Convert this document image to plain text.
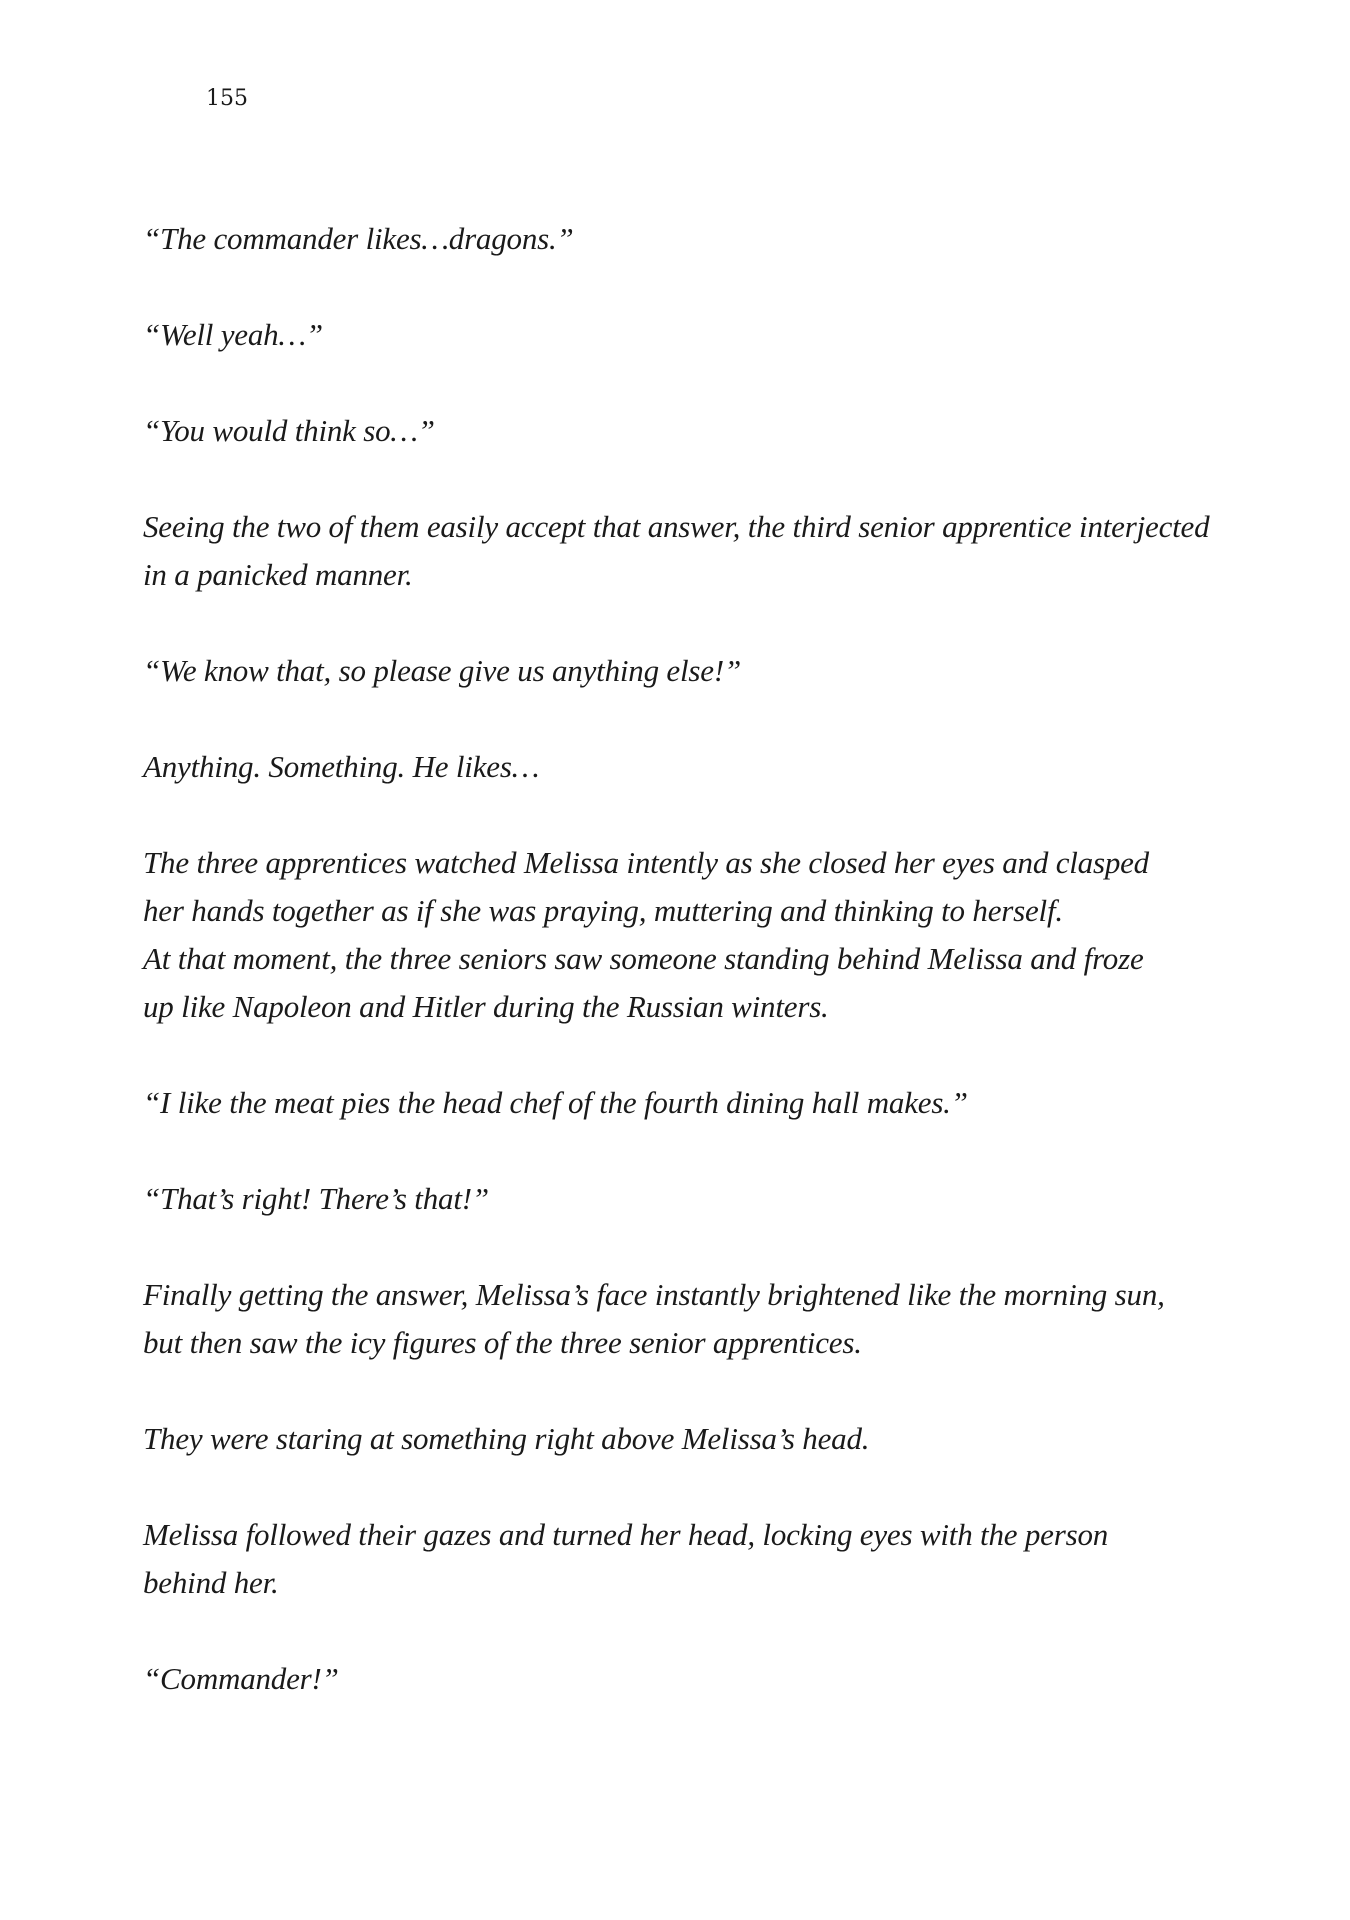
155

“The commander likes…dragons.”

“Well yeah…”

“You would think so…”

Seeing the two of them easily accept that answer, the third senior apprentice interjected
in a panicked manner.

“We know that, so please give us anything else!”

Anything. Something. He likes…

The three apprentices watched Melissa intently as she closed her eyes and clasped
her hands together as if she was praying, muttering and thinking to herself.
At that moment, the three seniors saw someone standing behind Melissa and froze
up like Napoleon and Hitler during the Russian winters.

“I like the meat pies the head chef of the fourth dining hall makes.”

“That’s right! There’s that!”

Finally getting the answer, Melissa’s face instantly brightened like the morning sun,
but then saw the icy figures of the three senior apprentices.

They were staring at something right above Melissa’s head.

Melissa followed their gazes and turned her head, locking eyes with the person
behind her.

“Commander!”
